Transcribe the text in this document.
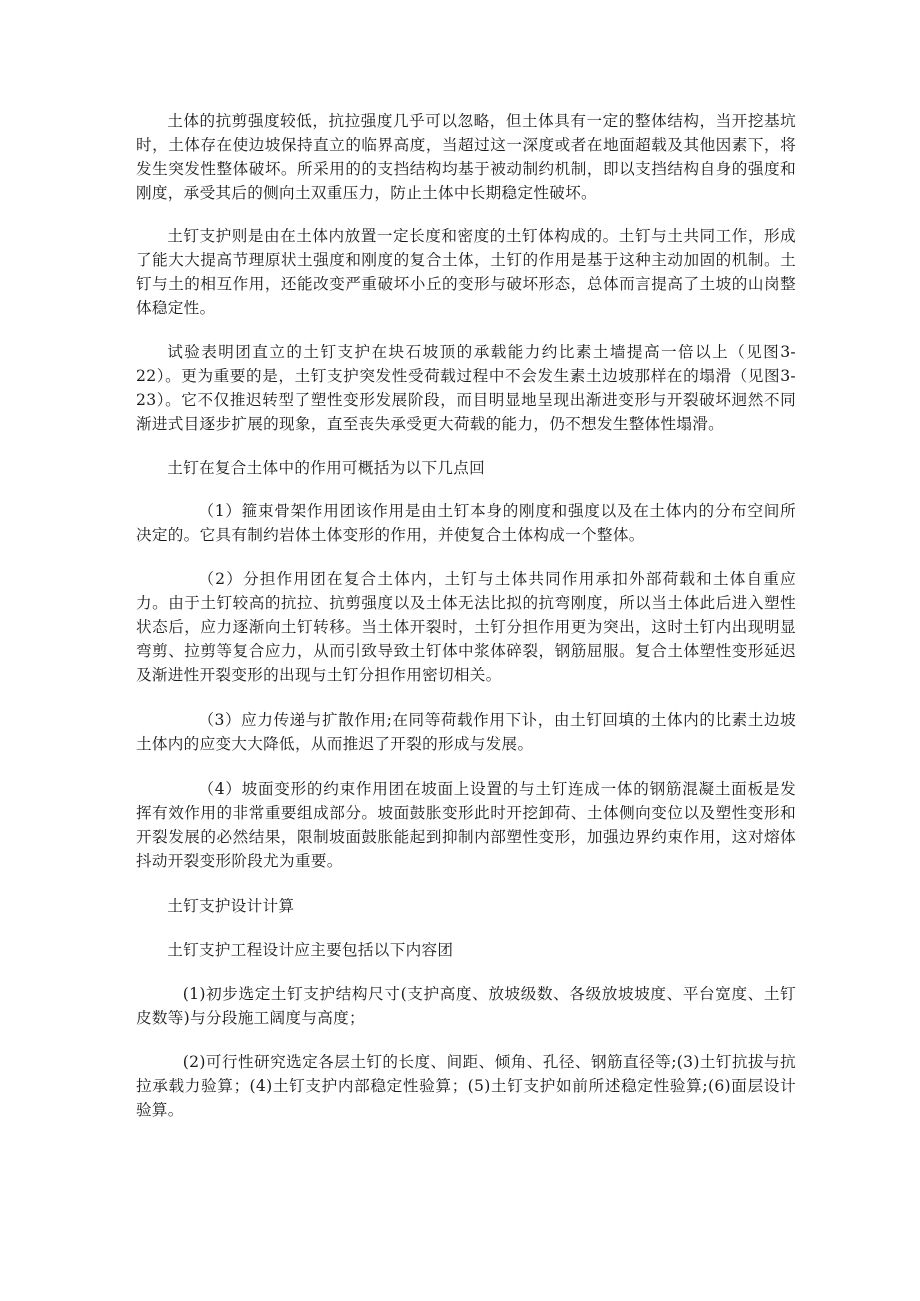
土体的抗剪强度较低，抗拉强度几乎可以忽略，但土体具有一定的整体结构，当开挖基坑时，土体存在使边坡保持直立的临界高度，当超过这一深度或者在地面超载及其他因素下，将发生突发性整体破坏。所采用的的支挡结构均基于被动制约机制，即以支挡结构自身的强度和刚度，承受其后的侧向土双重压力，防止土体中长期稳定性破坏。

土钉支护则是由在土体内放置一定长度和密度的土钉体构成的。土钉与土共同工作，形成了能大大提高节理原状土强度和刚度的复合土体，土钉的作用是基于这种主动加固的机制。土钉与土的相互作用，还能改变严重破坏小丘的变形与破坏形态，总体而言提高了土坡的山岗整体稳定性。

试验表明团直立的土钉支护在块石坡顶的承载能力约比素土墙提高一倍以上（见图3-22）。更为重要的是，土钉支护突发性受荷载过程中不会发生素土边坡那样在的塌滑（见图3-23）。它不仅推迟转型了塑性变形发展阶段，而目明显地呈现出渐进变形与开裂破坏迥然不同渐进式目逐步扩展的现象，直至丧失承受更大荷载的能力，仍不想发生整体性塌滑。

土钉在复合土体中的作用可概括为以下几点回

（1）箍束骨架作用团该作用是由土钉本身的刚度和强度以及在土体内的分布空间所决定的。它具有制约岩体土体变形的作用，并使复合土体构成一个整体。

（2）分担作用团在复合土体内，土钉与土体共同作用承扣外部荷载和土体自重应力。由于土钉较高的抗拉、抗剪强度以及土体无法比拟的抗弯刚度，所以当土体此后进入塑性状态后，应力逐渐向土钉转移。当土体开裂时，土钉分担作用更为突出，这时土钉内出现明显弯剪、拉剪等复合应力，从而引致导致土钉体中浆体碎裂，钢筋屈服。复合土体塑性变形延迟及渐进性开裂变形的出现与土钉分担作用密切相关。

（3）应力传递与扩散作用;在同等荷载作用下讣，由土钉回填的土体内的比素土边坡土体内的应变大大降低，从而推迟了开裂的形成与发展。

（4）坡面变形的约束作用团在坡面上设置的与土钉连成一体的钢筋混凝土面板是发挥有效作用的非常重要组成部分。坡面鼓胀变形此时开挖卸荷、土体侧向变位以及塑性变形和开裂发展的必然结果，限制坡面鼓胀能起到抑制内部塑性变形，加强边界约束作用，这对熔体抖动开裂变形阶段尤为重要。

土钉支护设计计算

土钉支护工程设计应主要包括以下内容团

(1)初步选定土钉支护结构尺寸(支护高度、放坡级数、各级放坡坡度、平台宽度、土钉皮数等)与分段施工阔度与高度；

(2)可行性研究选定各层土钉的长度、间距、倾角、孔径、钢筋直径等;(3)土钉抗拔与抗拉承载力验算；(4)土钉支护内部稳定性验算；(5)土钉支护如前所述稳定性验算;(6)面层设计验算。
